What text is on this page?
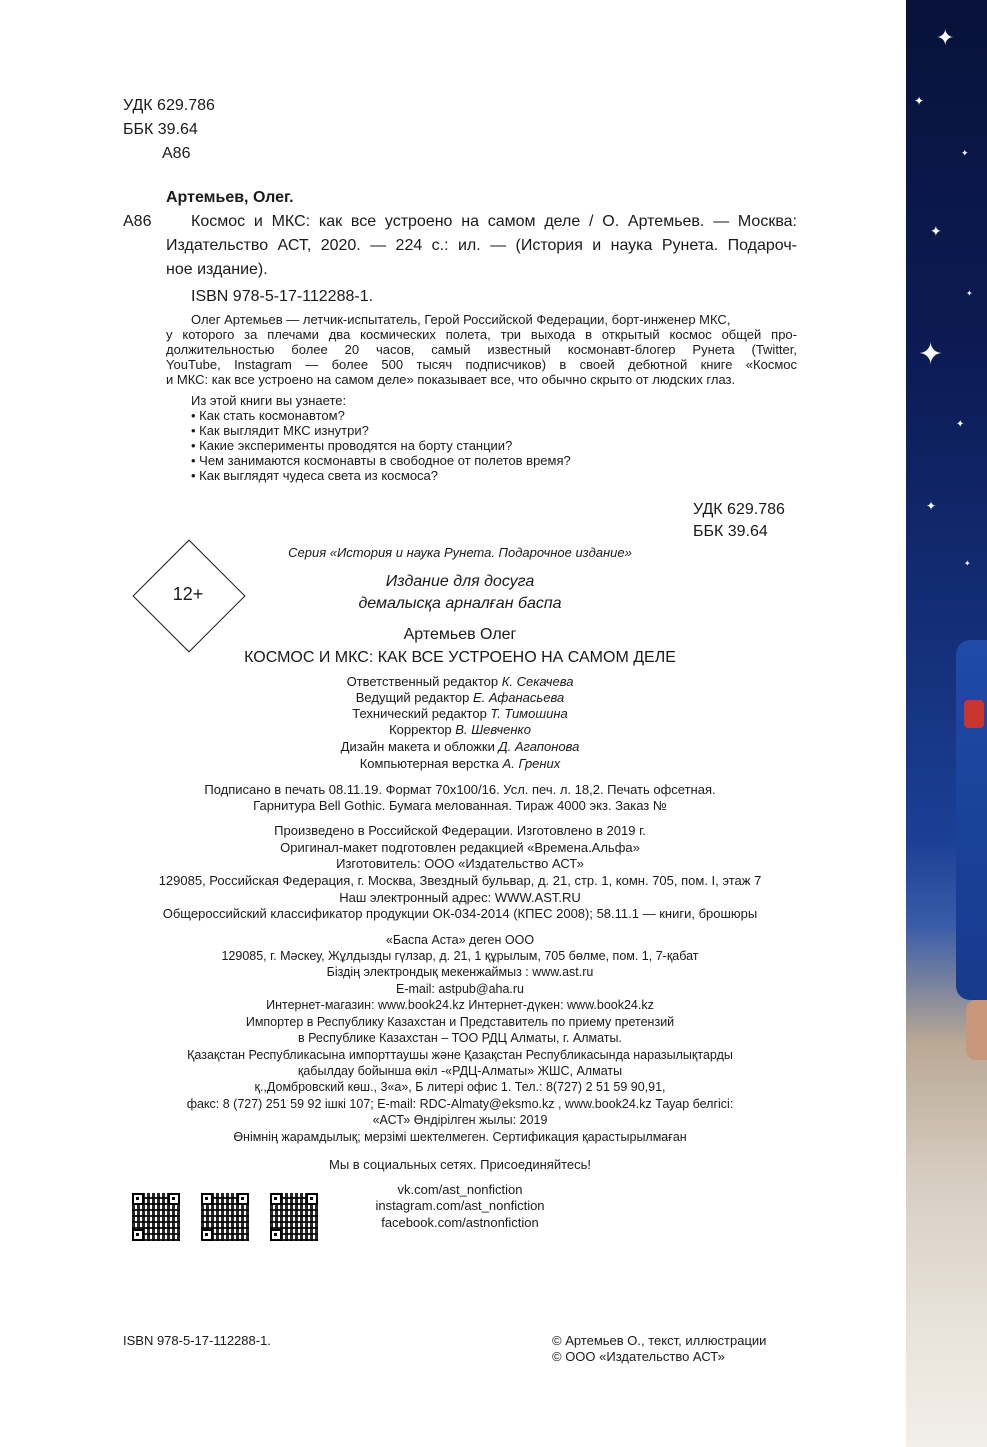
✦
✦
✦
✦
✦
✦
✦
✦
✦
УДК 629.786
ББК 39.64
А86
Артемьев, Олег.
А86 Космос и МКС: как все устроено на самом деле / О. Артемьев. — Москва:
Издательство АСТ, 2020. — 224 с.: ил. — (История и наука Рунета. Подароч-
ное издание).
ISBN 978-5-17-112288-1.
Олег Артемьев — летчик-испытатель, Герой Российской Федерации, борт-инженер МКС,
у которого за плечами два космических полета, три выхода в открытый космос общей про-
должительностью более 20 часов, самый известный космонавт-блогер Рунета (Twitter,
YouTube, Instagram — более 500 тысяч подписчиков) в своей дебютной книге «Космос
и МКС: как все устроено на самом деле» показывает все, что обычно скрыто от людских глаз.
Из этой книги вы узнаете:
• Как стать космонавтом?
• Как выглядит МКС изнутри?
• Какие эксперименты проводятся на борту станции?
• Чем занимаются космонавты в свободное от полетов время?
• Как выглядят чудеса света из космоса?
УДК 629.786
ББК 39.64
Серия «История и наука Рунета. Подарочное издание»
12+
Издание для досуга
демалысқа арналған баспа
Артемьев Олег
КОСМОС И МКС: КАК ВСЕ УСТРОЕНО НА САМОМ ДЕЛЕ
Ответственный редактор К. Секачева
Ведущий редактор Е. Афанасьева
Технический редактор Т. Тимошина
Корректор В. Шевченко
Дизайн макета и обложки Д. Агапонова
Компьютерная верстка А. Грених
Подписано в печать 08.11.19. Формат 70х100/16. Усл. печ. л. 18,2. Печать офсетная.
Гарнитура Bell Gothic. Бумага мелованная. Тираж 4000 экз. Заказ №
Произведено в Российской Федерации. Изготовлено в 2019 г.
Оригинал-макет подготовлен редакцией «Времена.Альфа»
Изготовитель: ООО «Издательство АСТ»
129085, Российская Федерация, г. Москва, Звездный бульвар, д. 21, стр. 1, комн. 705, пом. I, этаж 7
Наш электронный адрес: WWW.AST.RU
Общероссийский классификатор продукции ОК-034-2014 (КПЕС 2008); 58.11.1 — книги, брошюры
«Баспа Аста» деген ООО
129085, г. Мәскеу, Жұлдызды гүлзар, д. 21, 1 құрылым, 705 бөлме, пом. 1, 7-қабат
Біздің электрондық мекенжаймыз : www.ast.ru
E-mail: astpub@aha.ru
Интернет-магазин: www.book24.kz Интернет-дүкен: www.book24.kz
Импортер в Республику Казахстан и Представитель по приему претензий
в Республике Казахстан – ТОО РДЦ Алматы, г. Алматы.
Қазақстан Республикасына импорттаушы және Қазақстан Республикасында наразылықтарды
қабылдау бойынша өкіл -«РДЦ-Алматы» ЖШС, Алматы
қ.,Домбровский көш., 3«а», Б литері офис 1. Тел.: 8(727) 2 51 59 90,91,
факс: 8 (727) 251 59 92 ішкі 107; E-mail: RDC-Almaty@eksmo.kz , www.book24.kz Тауар белгісі:
«АСТ» Өндірілген жылы: 2019
Өнімнің жарамдылық; мерзімі шектелмеген. Сертификация қарастырылмаған
Мы в социальных сетях. Присоединяйтесь!
vk.com/ast_nonfiction
instagram.com/ast_nonfiction
facebook.com/astnonfiction
ISBN 978-5-17-112288-1.	© Артемьев О., текст, иллюстрации
© ООО «Издательство АСТ»
